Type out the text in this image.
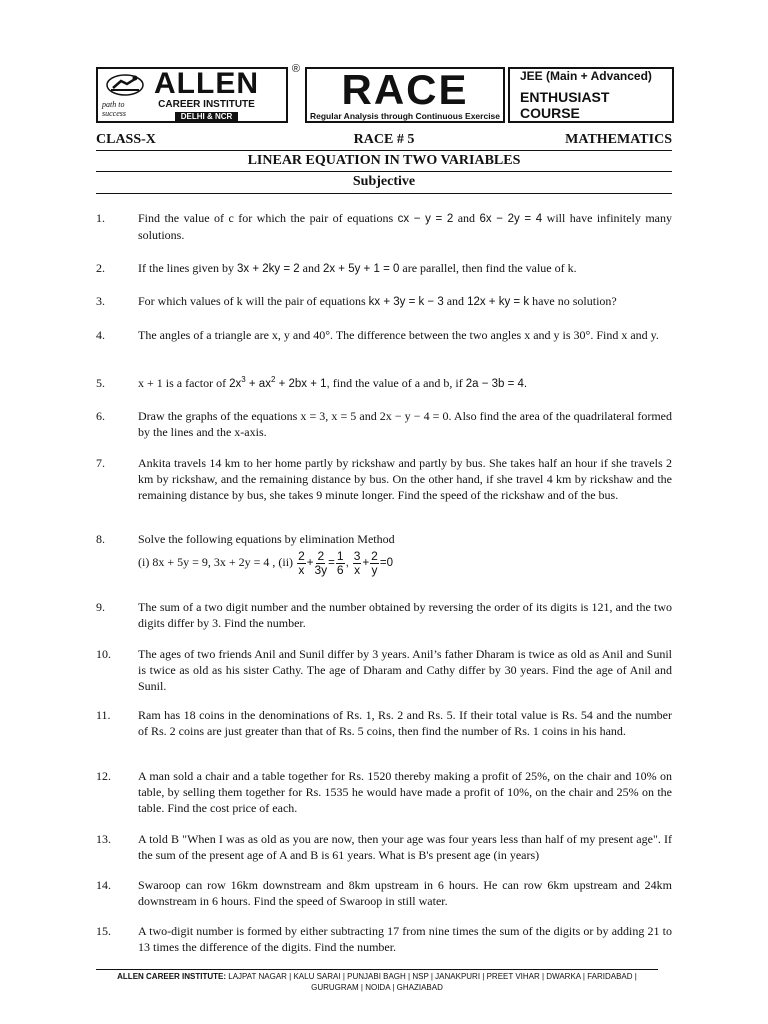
path to success
ALLEN
CAREER INSTITUTE
DELHI & NCR
® RACE
Regular Analysis through Continuous Exercise
JEE (Main + Advanced)
ENTHUSIAST COURSE
RACE # 5
CLASS-X	MATHEMATICS
LINEAR EQUATION IN TWO VARIABLES
Subjective
1.	Find the value of c for which the pair of equations cx − y = 2 and 6x − 2y = 4 will have infinitely many solutions.
2.	If the lines given by 3x + 2ky = 2 and 2x + 5y + 1 = 0 are parallel, then find the value of k.
3.	For which values of k will the pair of equations kx + 3y = k − 3 and 12x + ky = k have no solution?
4.	The angles of a triangle are x, y and 40°. The difference between the two angles x and y is 30°. Find x and y.
5.	x + 1 is a factor of $2x^3 + ax^2 + 2bx + 1$, find the value of a and b, if 2a − 3b = 4.
6.	Draw the graphs of the equations x = 3, x = 5 and 2x − y − 4 = 0. Also find the area of the quadrilateral formed by the lines and the x-axis.
7.	Ankita travels 14 km to her home partly by rickshaw and partly by bus. She takes half an hour if she travels 2 km by rickshaw, and the remaining distance by bus. On the other hand, if she travel 4 km by rickshaw and the remaining distance by bus, she takes 9 minute longer. Find the speed of the rickshaw and of the bus.
8.	Solve the following equations by elimination Method
(i) 8x + 5y = 9, 3x + 2y = 4 , $(ii) \frac{2}{x} + \frac{2}{3y} = \frac{1}{6}$ , $\frac{3}{x} + \frac{2}{y} =0$
9.	The sum of a two digit number and the number obtained by reversing the order of its digits is 121, and the two digits differ by 3. Find the number.
10. The ages of two friends Anil and Sunil differ by 3 years. Anil’s father Dharam is twice as old as Anil and Sunil is twice as old as his sister Cathy. The age of Dharam and Cathy differ by 30 years. Find the age of Anil and Sunil.
11. Ram has 18 coins in the denominations of Rs. 1, Rs. 2 and Rs. 5. If their total value is Rs. 54 and the number of Rs. 2 coins are just greater than that of Rs. 5 coins, then find the number of Rs. 1 coins in his hand.
12. A man sold a chair and a table together for Rs. 1520 thereby making a profit of 25%, on the chair and 10% on table, by selling them together for Rs. 1535 he would have made a profit of 10%, on the chair and 25% on the table. Find the cost price of each.
13. A told B "When I was as old as you are now, then your age was four years less than half of my present age". If the sum of the present age of A and B is 61 years. What is B's present age (in years)
14. Swaroop can row 16km downstream and 8km upstream in 6 hours. He can row 6km upstream and 24km downstream in 6 hours. Find the speed of Swaroop in still water.
15. A two-digit number is formed by either subtracting 17 from nine times the sum of the digits or by adding 21 to 13 times the difference of the digits. Find the number.
ALLEN CAREER INSTITUTE: LAJPAT NAGAR | KALU SARAI | PUNJABI BAGH | NSP | JANAKPURI | PREET VIHAR | DWARKA | FARIDABAD |
GURUGRAM | NOIDA | GHAZIABAD
